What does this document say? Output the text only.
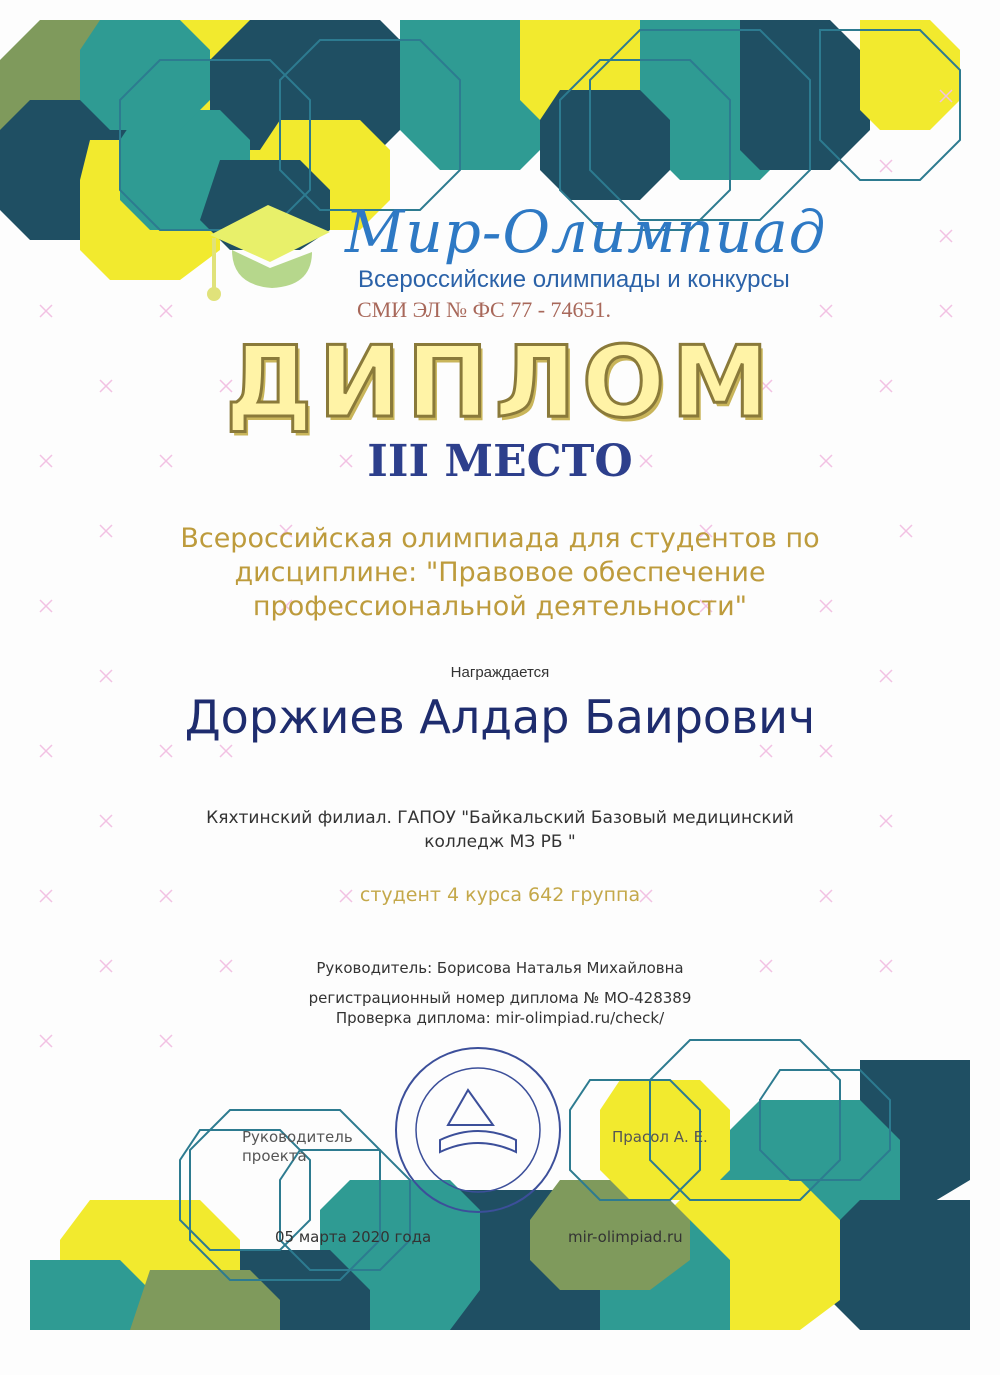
Мир-Олимпиад
Всероссийские олимпиады и конкурсы
СМИ ЭЛ № ФС 77 - 74651.
ДИПЛОМ
III МЕСТО
Всероссийская олимпиада для студентов по
дисциплине: "Правовое обеспечение
профессиональной деятельности"
Награждается
Доржиев Алдар Баирович
Кяхтинский филиал. ГАПОУ "Байкальский Базовый медицинский
колледж МЗ РБ "
студент 4 курса 642 группа
Руководитель: Борисова Наталья Михайловна
регистрационный номер диплома № МО-428389
Проверка диплома: mir-olimpiad.ru/check/
Руководитель
проекта
Прасол А. Е.
05 марта 2020 года	mir-olimpiad.ru
